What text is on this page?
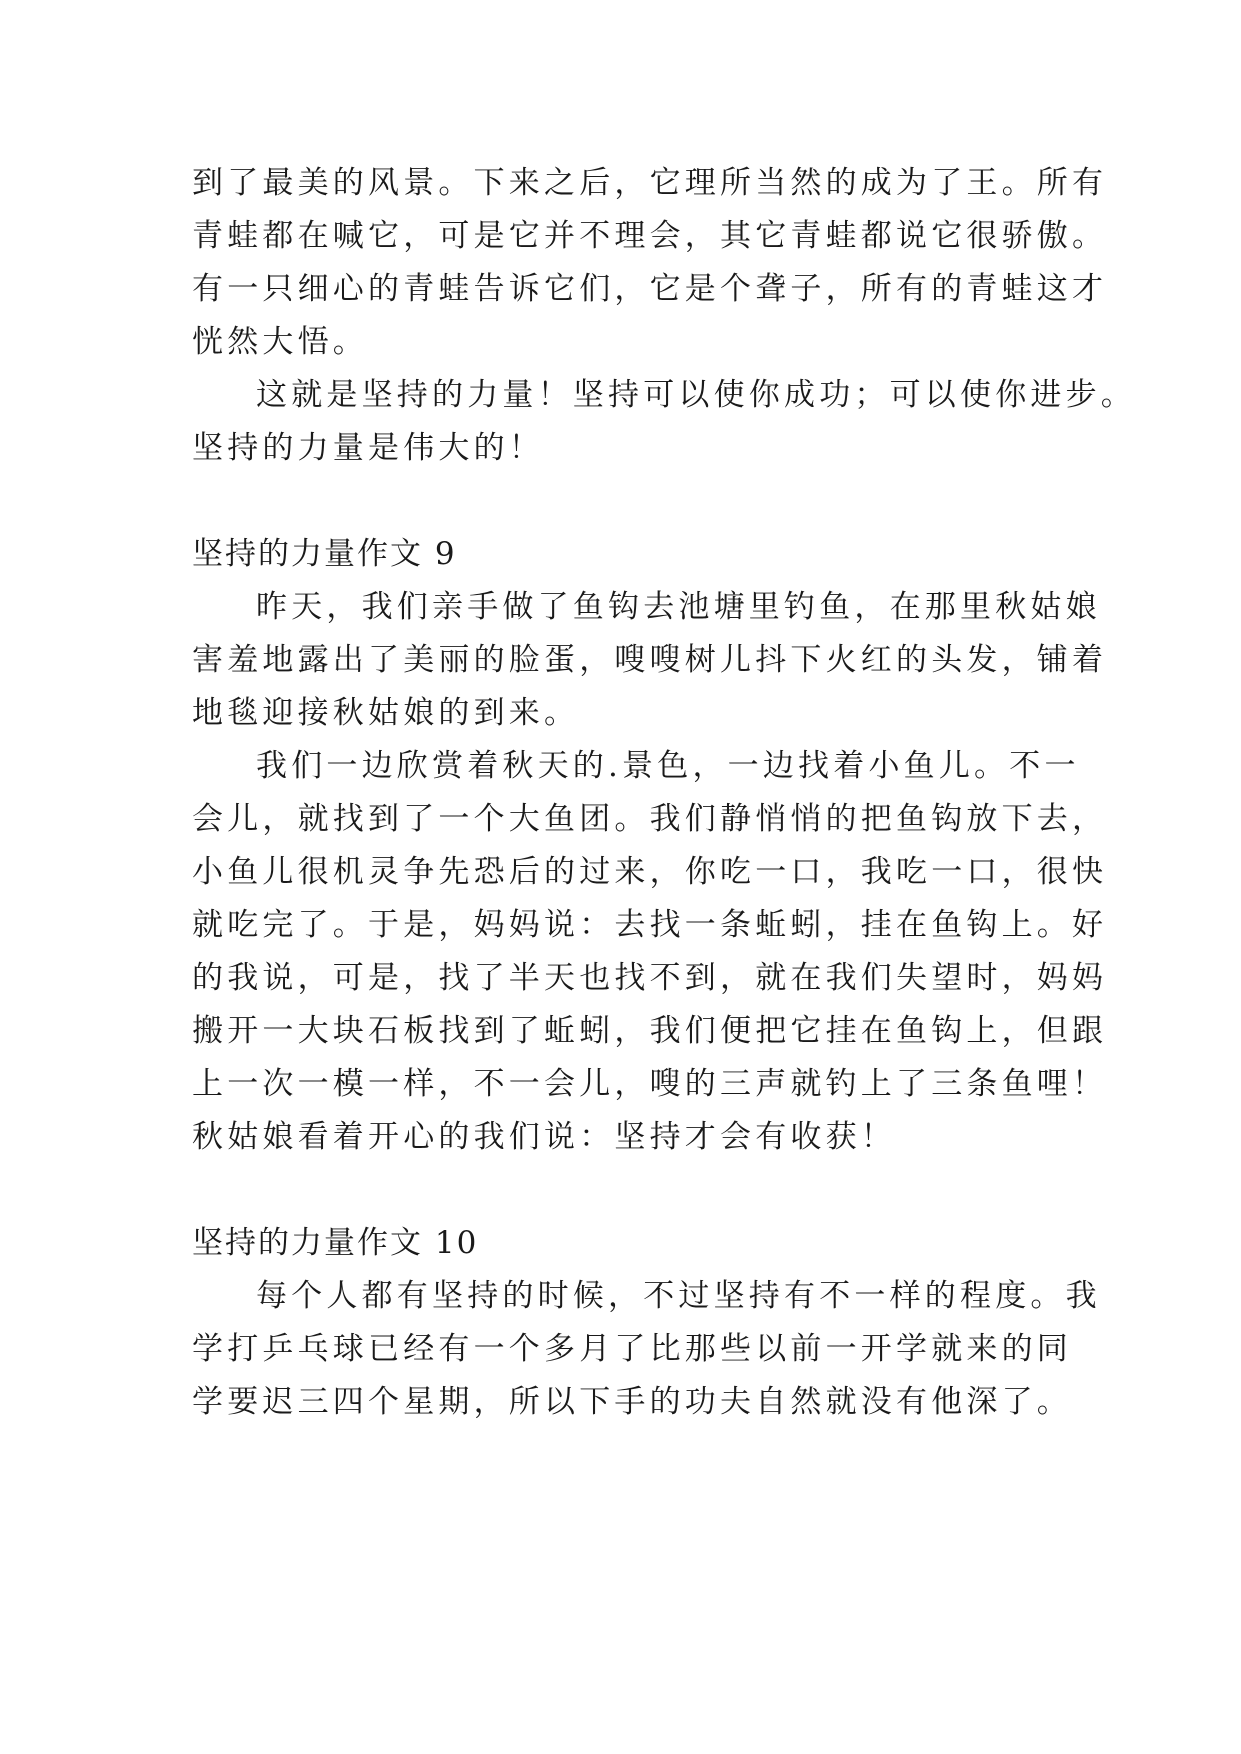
到了最美的风景。下来之后，它理所当然的成为了王。所有
青蛙都在喊它，可是它并不理会，其它青蛙都说它很骄傲。
有一只细心的青蛙告诉它们，它是个聋子，所有的青蛙这才
恍然大悟。
这就是坚持的力量！坚持可以使你成功；可以使你进步。
坚持的力量是伟大的！
坚持的力量作文 9
昨天，我们亲手做了鱼钩去池塘里钓鱼，在那里秋姑娘
害羞地露出了美丽的脸蛋，嗖嗖树儿抖下火红的头发，铺着
地毯迎接秋姑娘的到来。
我们一边欣赏着秋天的.景色，一边找着小鱼儿。不一
会儿，就找到了一个大鱼团。我们静悄悄的把鱼钩放下去，
小鱼儿很机灵争先恐后的过来，你吃一口，我吃一口，很快
就吃完了。于是，妈妈说：去找一条蚯蚓，挂在鱼钩上。好
的我说，可是，找了半天也找不到，就在我们失望时，妈妈
搬开一大块石板找到了蚯蚓，我们便把它挂在鱼钩上，但跟
上一次一模一样，不一会儿，嗖的三声就钓上了三条鱼哩！
秋姑娘看着开心的我们说：坚持才会有收获！
坚持的力量作文 10
每个人都有坚持的时候，不过坚持有不一样的程度。我
学打乒乓球已经有一个多月了比那些以前一开学就来的同
学要迟三四个星期，所以下手的功夫自然就没有他深了。
